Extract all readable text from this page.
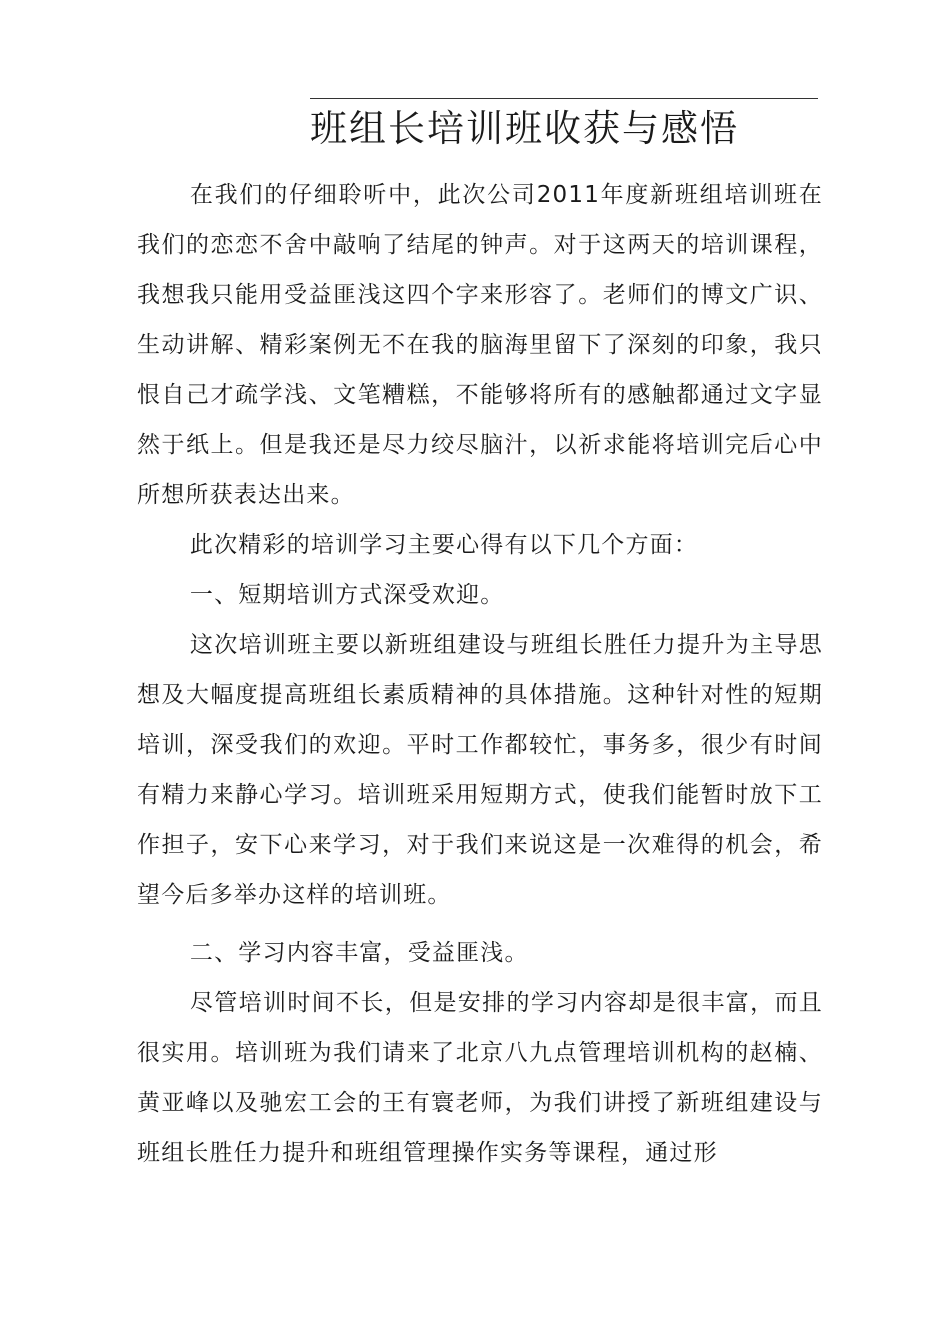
班组长培训班收获与感悟

在我们的仔细聆听中，此次公司2011年度新班组培训班在我们的恋恋不舍中敲响了结尾的钟声。对于这两天的培训课程，我想我只能用受益匪浅这四个字来形容了。老师们的博文广识、生动讲解、精彩案例无不在我的脑海里留下了深刻的印象，我只恨自己才疏学浅、文笔糟糕，不能够将所有的感触都通过文字显然于纸上。但是我还是尽力绞尽脑汁，以祈求能将培训完后心中所想所获表达出来。

此次精彩的培训学习主要心得有以下几个方面：

一、短期培训方式深受欢迎。

这次培训班主要以新班组建设与班组长胜任力提升为主导思想及大幅度提高班组长素质精神的具体措施。这种针对性的短期培训，深受我们的欢迎。平时工作都较忙，事务多，很少有时间有精力来静心学习。培训班采用短期方式，使我们能暂时放下工作担子，安下心来学习，对于我们来说这是一次难得的机会，希望今后多举办这样的培训班。

二、学习内容丰富，受益匪浅。

尽管培训时间不长，但是安排的学习内容却是很丰富，而且很实用。培训班为我们请来了北京八九点管理培训机构的赵楠、黄亚峰以及驰宏工会的王有寰老师，为我们讲授了新班组建设与班组长胜任力提升和班组管理操作实务等课程，通过形
